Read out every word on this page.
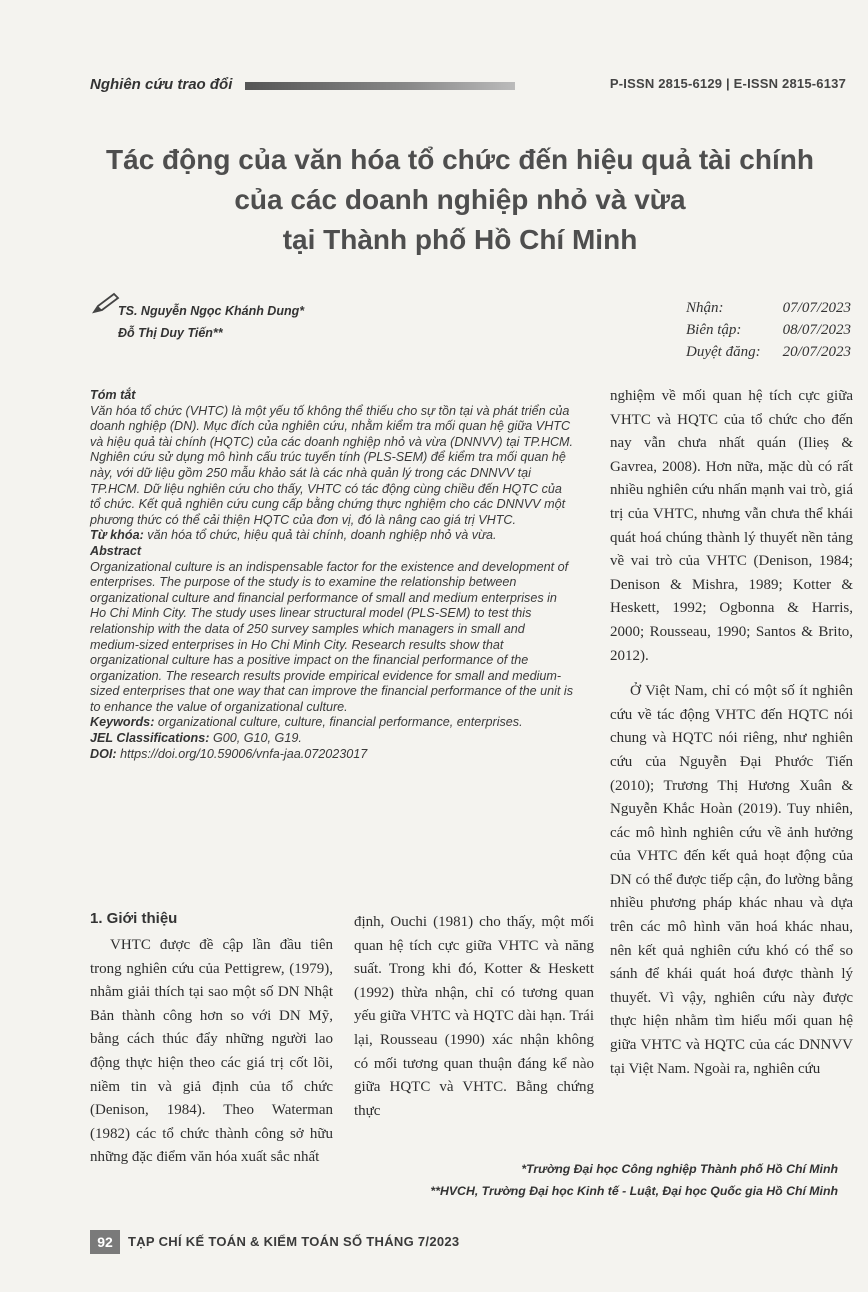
Nghiên cứu trao đổi	P-ISSN 2815-6129 | E-ISSN 2815-6137
Tác động của văn hóa tổ chức đến hiệu quả tài chính
của các doanh nghiệp nhỏ và vừa
tại Thành phố Hồ Chí Minh
TS. Nguyễn Ngọc Khánh Dung*
Đỗ Thị Duy Tiến**
Nhận:	07/07/2023
Biên tập:	08/07/2023
Duyệt đăng: 20/07/2023

Tóm tắt

Văn hóa tổ chức (VHTC) là một yếu tố không thể thiếu cho sự tồn tại và phát triển của doanh nghiệp (DN). Mục đích của nghiên cứu, nhằm kiểm tra mối quan hệ giữa VHTC và hiệu quả tài chính (HQTC) của các doanh nghiệp nhỏ và vừa (DNNVV) tại TP.HCM. Nghiên cứu sử dụng mô hình cấu trúc tuyến tính (PLS-SEM) để kiểm tra mối quan hệ này, với dữ liệu gồm 250 mẫu khảo sát là các nhà quản lý trong các DNNVV tại TP.HCM. Dữ liệu nghiên cứu cho thấy, VHTC có tác động cùng chiều đến HQTC của tổ chức. Kết quả nghiên cứu cung cấp bằng chứng thực nghiệm cho các DNNVV một phương thức có thể cải thiện HQTC của đơn vị, đó là nâng cao giá trị VHTC.

Từ khóa: văn hóa tổ chức, hiệu quả tài chính, doanh nghiệp nhỏ và vừa.

Abstract

Organizational culture is an indispensable factor for the existence and development of enterprises. The purpose of the study is to examine the relationship between organizational culture and financial performance of small and medium enterprises in Ho Chi Minh City. The study uses linear structural model (PLS-SEM) to test this relationship with the data of 250 survey samples which managers in small and medium-sized enterprises in Ho Chi Minh City. Research results show that organizational culture has a positive impact on the financial performance of the organization. The research results provide empirical evidence for small and medium-sized enterprises that one way that can improve the financial performance of the unit is to enhance the value of organizational culture.

Keywords: organizational culture, culture, financial performance, enterprises.

JEL Classifications: G00, G10, G19.

DOI: https://doi.org/10.59006/vnfa-jaa.072023017

1. Giới thiệu

VHTC được đề cập lần đầu tiên trong nghiên cứu của Pettigrew, (1979), nhằm giải thích tại sao một số DN Nhật Bản thành công hơn so với DN Mỹ, bằng cách thúc đẩy những người lao động thực hiện theo các giá trị cốt lõi, niềm tin và giả định của tổ chức (Denison, 1984). Theo Waterman (1982) các tổ chức thành công sở hữu những đặc điểm văn hóa xuất sắc nhất

định, Ouchi (1981) cho thấy, một mối quan hệ tích cực giữa VHTC và năng suất. Trong khi đó, Kotter & Heskett (1992) thừa nhận, chỉ có tương quan yếu giữa VHTC và HQTC dài hạn. Trái lại, Rousseau (1990) xác nhận không có mối tương quan thuận đáng kể nào giữa HQTC và VHTC. Bằng chứng thực

nghiệm về mối quan hệ tích cực giữa VHTC và HQTC của tổ chức cho đến nay vẫn chưa nhất quán (Ilieș & Gavrea, 2008). Hơn nữa, mặc dù có rất nhiều nghiên cứu nhấn mạnh vai trò, giá trị của VHTC, nhưng vẫn chưa thể khái quát hoá chúng thành lý thuyết nền tảng về vai trò của VHTC (Denison, 1984; Denison & Mishra, 1989; Kotter & Heskett, 1992; Ogbonna & Harris, 2000; Rousseau, 1990; Santos & Brito, 2012).

Ở Việt Nam, chỉ có một số ít nghiên cứu về tác động VHTC đến HQTC nói chung và HQTC nói riêng, như nghiên cứu của Nguyễn Đại Phước Tiến (2010); Trương Thị Hương Xuân & Nguyễn Khắc Hoàn (2019). Tuy nhiên, các mô hình nghiên cứu về ảnh hưởng của VHTC đến kết quả hoạt động của DN có thể được tiếp cận, đo lường bằng nhiều phương pháp khác nhau và dựa trên các mô hình văn hoá khác nhau, nên kết quả nghiên cứu khó có thể so sánh để khái quát hoá được thành lý thuyết. Vì vậy, nghiên cứu này được thực hiện nhằm tìm hiểu mối quan hệ giữa VHTC và HQTC của các DNNVV tại Việt Nam. Ngoài ra, nghiên cứu

*Trường Đại học Công nghiệp Thành phố Hồ Chí Minh
**HVCH, Trường Đại học Kinh tế - Luật, Đại học Quốc gia Hồ Chí Minh
92	TẠP CHÍ KẾ TOÁN & KIỂM TOÁN SỐ THÁNG 7/2023
